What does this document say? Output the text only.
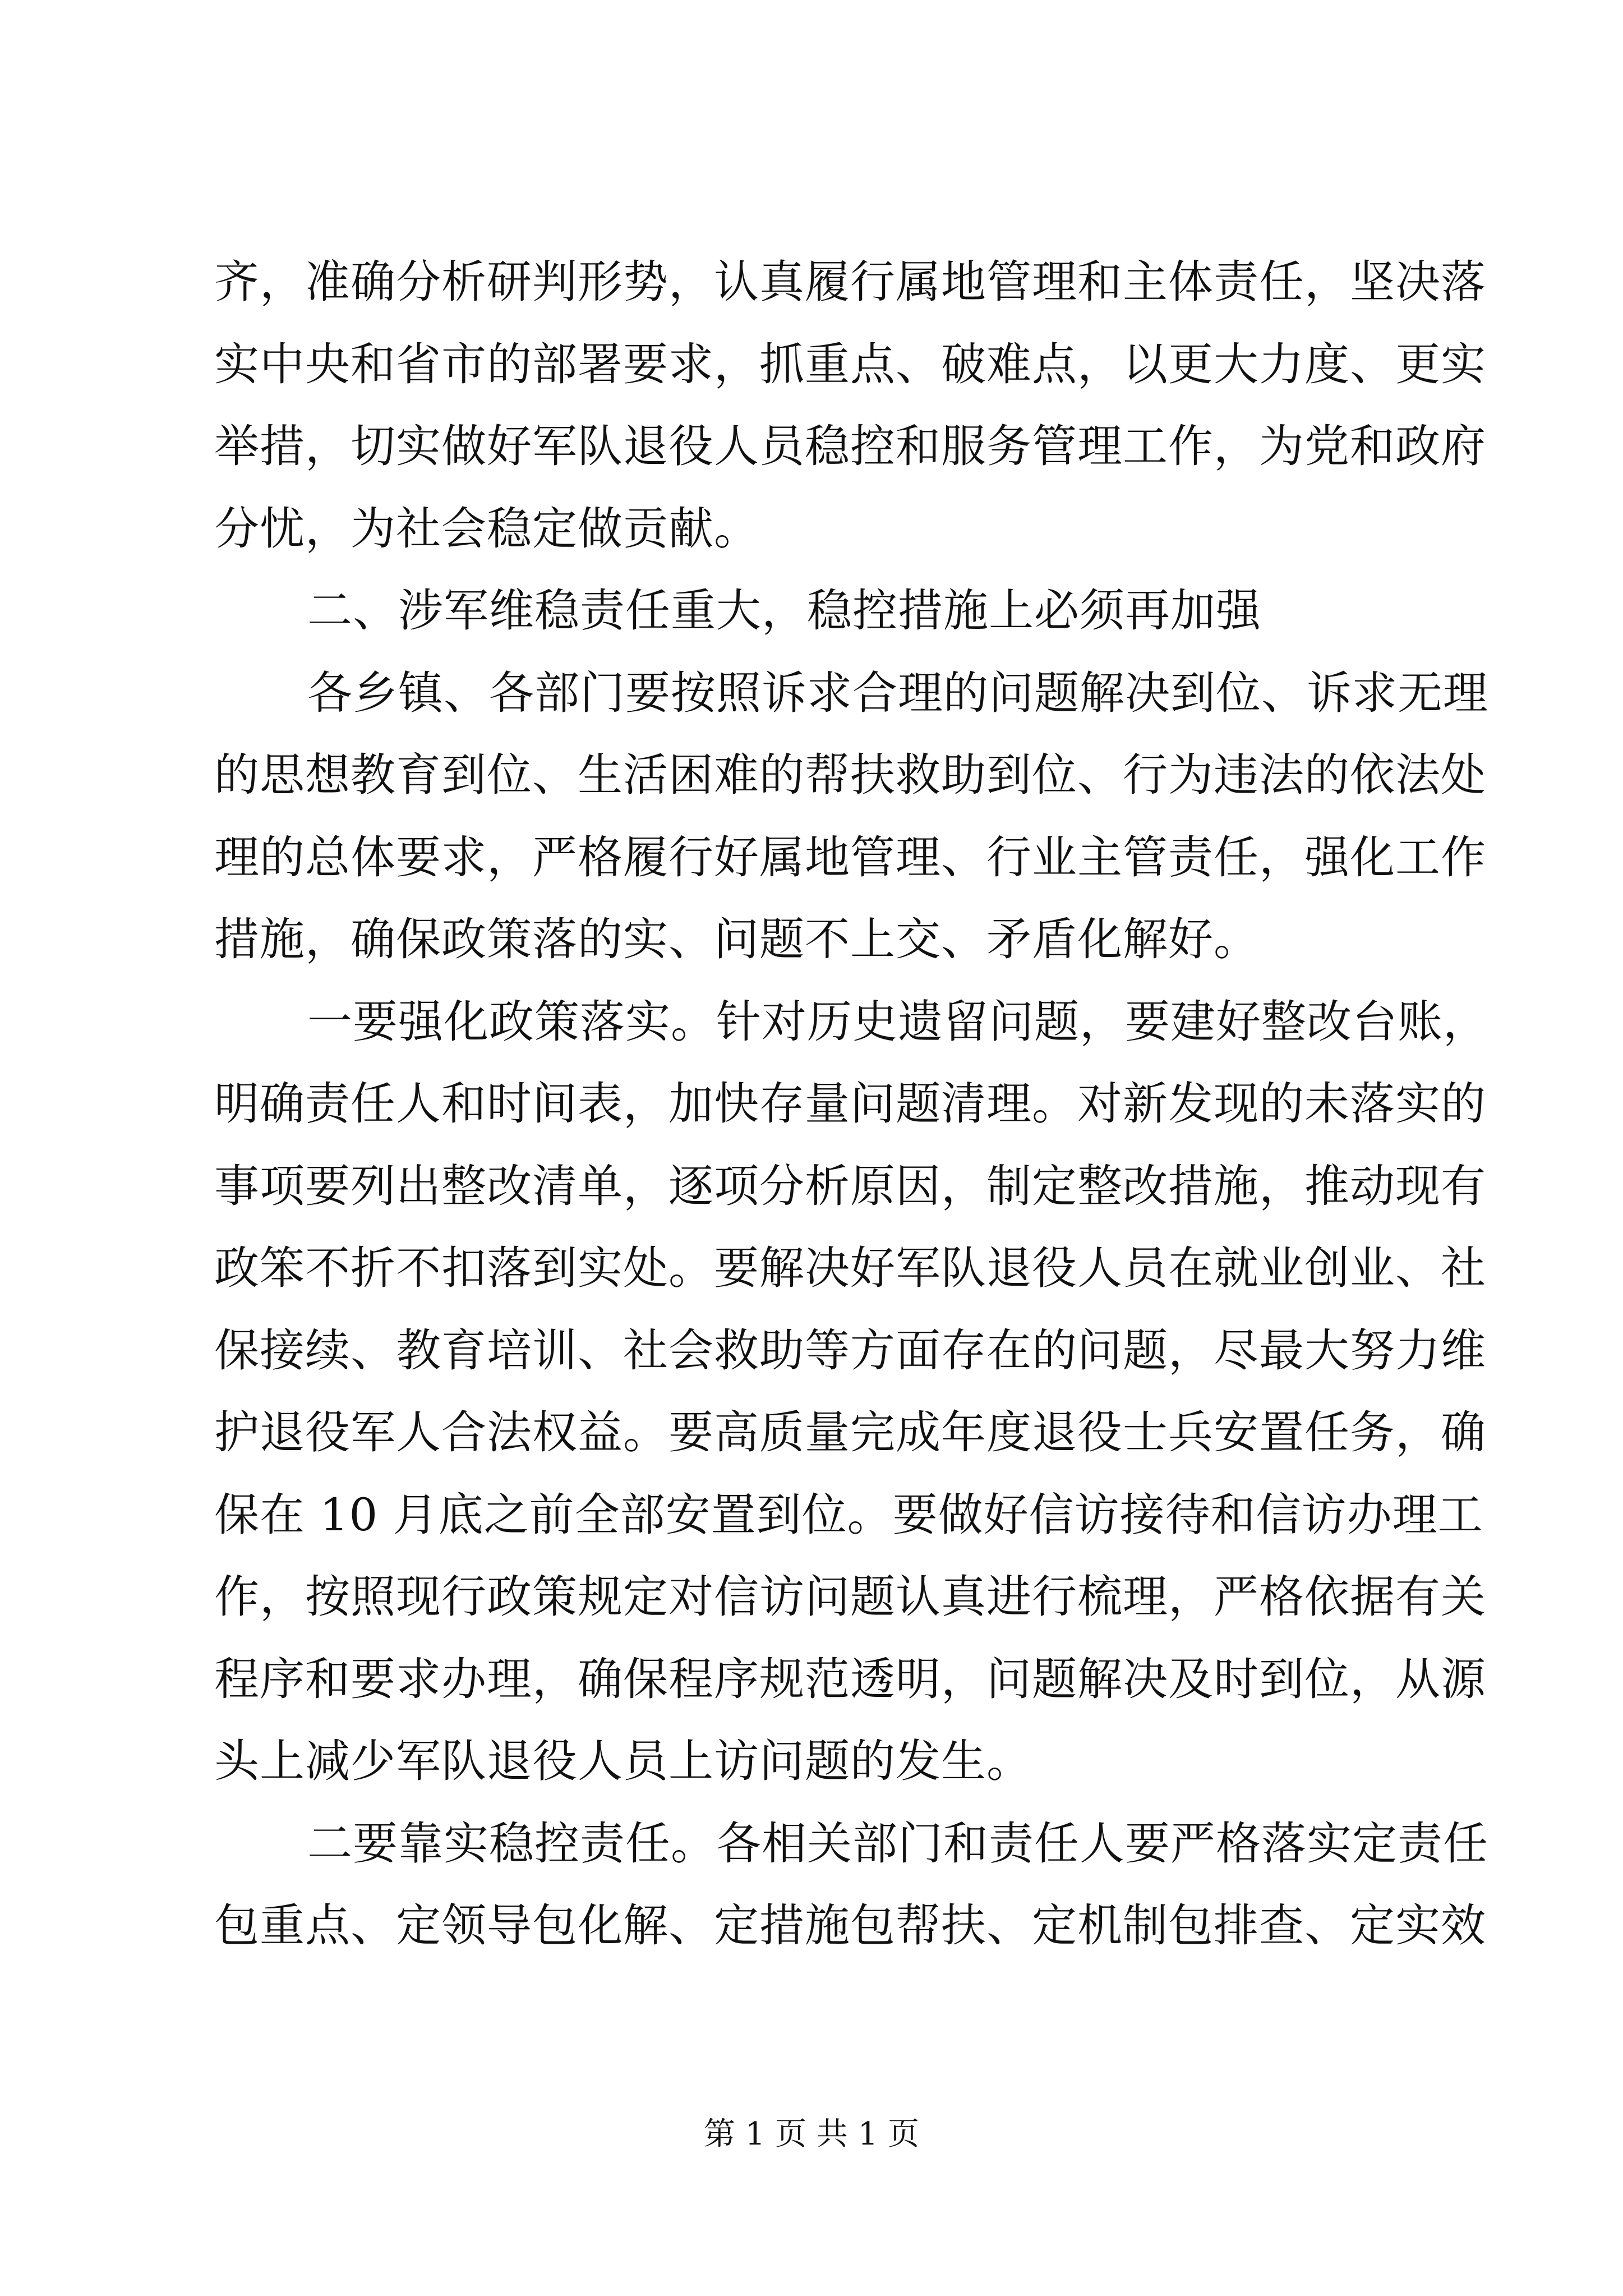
齐，准确分析研判形势，认真履行属地管理和主体责任，坚决落
实中央和省市的部署要求，抓重点、破难点，以更大力度、更实
举措，切实做好军队退役人员稳控和服务管理工作，为党和政府
分忧，为社会稳定做贡献。
二、涉军维稳责任重大，稳控措施上必须再加强
各乡镇、各部门要按照诉求合理的问题解决到位、诉求无理
的思想教育到位、生活困难的帮扶救助到位、行为违法的依法处
理的总体要求，严格履行好属地管理、行业主管责任，强化工作
措施，确保政策落的实、问题不上交、矛盾化解好。
一要强化政策落实。针对历史遗留问题，要建好整改台账，
明确责任人和时间表，加快存量问题清理。对新发现的未落实的
事项要列出整改清单，逐项分析原因，制定整改措施，推动现有
政笨不折不扣落到实处。要解决好军队退役人员在就业创业、社
保接续、教育培训、社会救助等方面存在的问题，尽最大努力维
护退役军人合法权益。要高质量完成年度退役士兵安置任务，确
保在 10 月底之前全部安置到位。要做好信访接待和信访办理工
作，按照现行政策规定对信访问题认真进行梳理，严格依据有关
程序和要求办理，确保程序规范透明，问题解决及时到位，从源
头上减少军队退役人员上访问题的发生。
二要靠实稳控责任。各相关部门和责任人要严格落实定责任
包重点、定领导包化解、定措施包帮扶、定机制包排查、定实效
第 1 页 共 1 页
